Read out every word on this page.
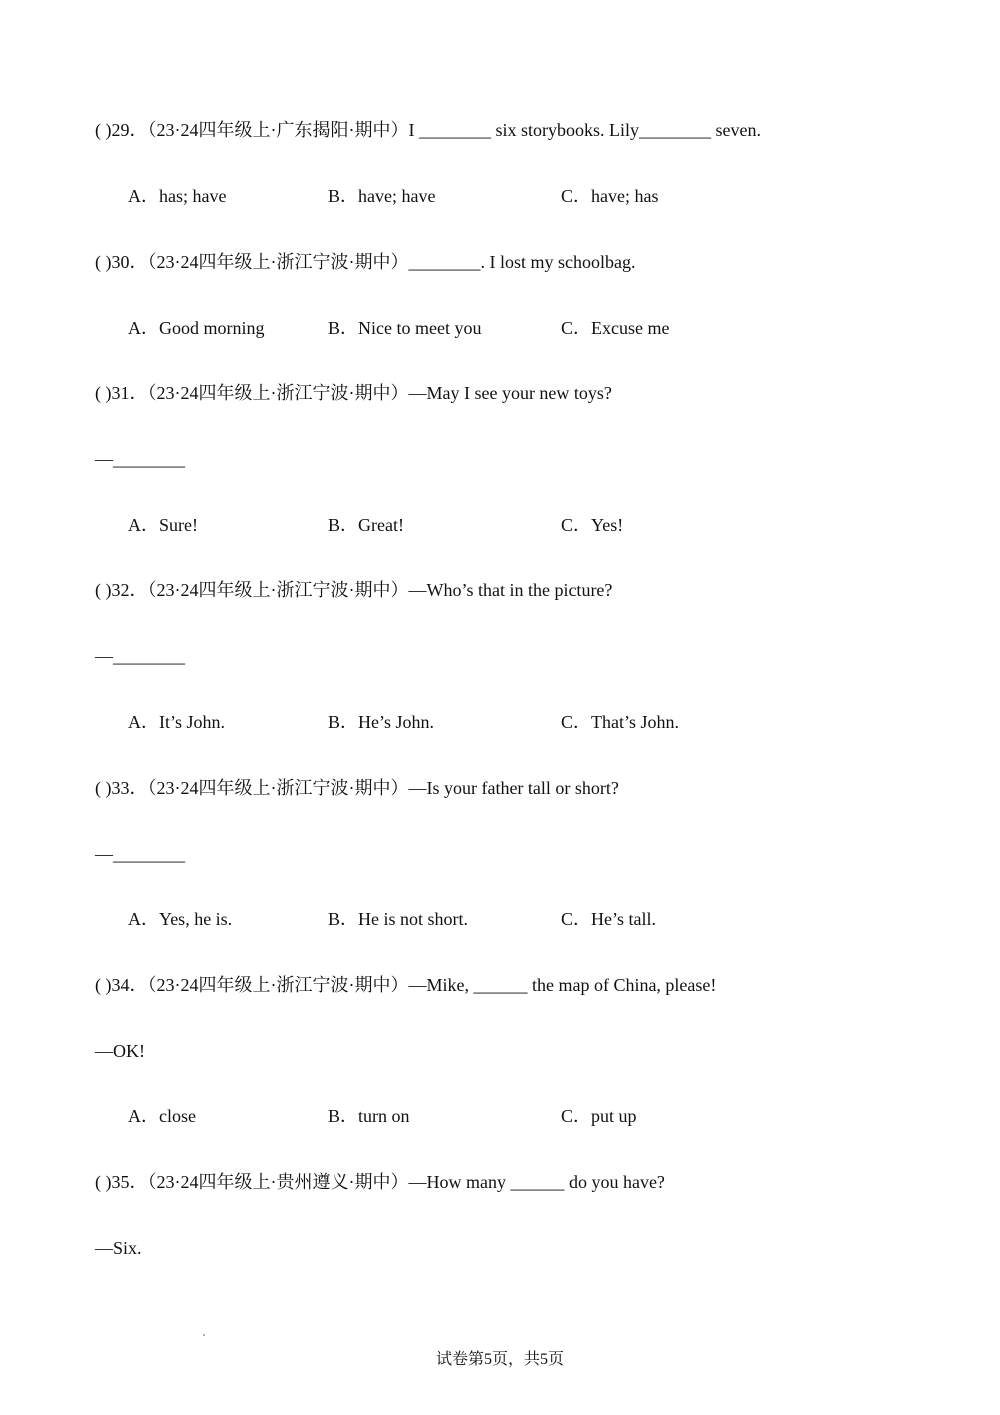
( )29．（23·24四年级上·广东揭阳·期中）I ________ six storybooks. Lily________ seven.
A．has; have	B．have; have	C．have; has
( )30．（23·24四年级上·浙江宁波·期中）________. I lost my schoolbag.
A．Good morning	B．Nice to meet you	C．Excuse me
( )31．（23·24四年级上·浙江宁波·期中）—May I see your new toys?
—________
A．Sure!	B．Great!	C．Yes!
( )32．（23·24四年级上·浙江宁波·期中）—Who’s that in the picture?
—________
A．It’s John.	B．He’s John.	C．That’s John.
( )33．（23·24四年级上·浙江宁波·期中）—Is your father tall or short?
—________
A．Yes, he is.	B．He is not short.	C．He’s tall.
( )34．（23·24四年级上·浙江宁波·期中）—Mike, ______ the map of China, please!
—OK!
A．close	B．turn on	C．put up
( )35．（23·24四年级上·贵州遵义·期中）—How many ______ do you have?
—Six.
试卷第5页，共5页
